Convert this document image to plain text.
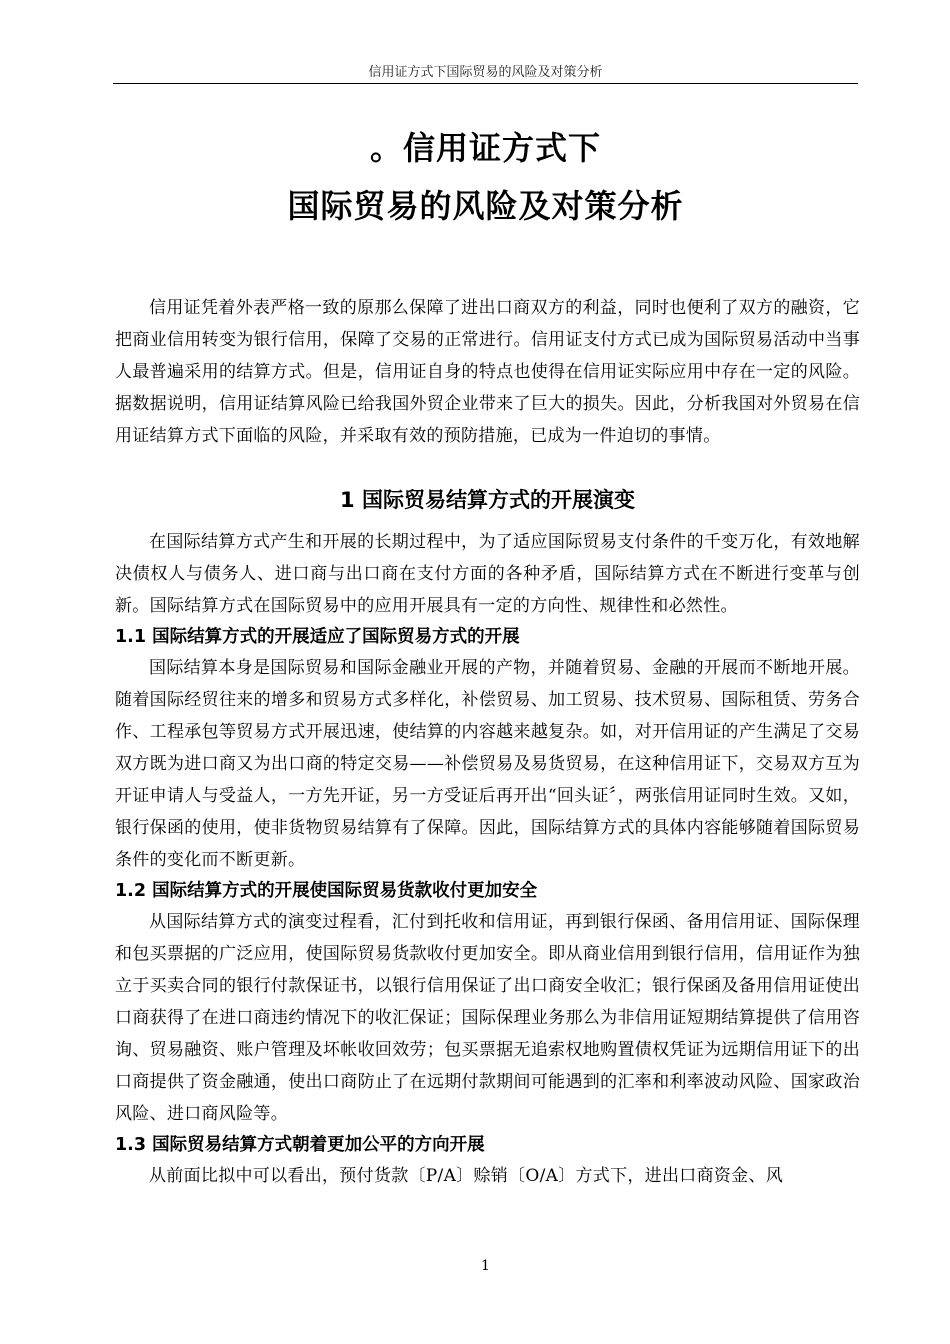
信用证方式下国际贸易的风险及对策分析
。信用证方式下
国际贸易的风险及对策分析

信用证凭着外表严格一致的原那么保障了进出口商双方的利益，同时也便利了双方的融资，它把商业信用转变为银行信用，保障了交易的正常进行。信用证支付方式已成为国际贸易活动中当事人最普遍采用的结算方式。但是，信用证自身的特点也使得在信用证实际应用中存在一定的风险。据数据说明，信用证结算风险已给我国外贸企业带来了巨大的损失。因此，分析我国对外贸易在信用证结算方式下面临的风险，并采取有效的预防措施，已成为一件迫切的事情。

1 国际贸易结算方式的开展演变

在国际结算方式产生和开展的长期过程中，为了适应国际贸易支付条件的千变万化，有效地解决债权人与债务人、进口商与出口商在支付方面的各种矛盾，国际结算方式在不断进行变革与创新。国际结算方式在国际贸易中的应用开展具有一定的方向性、规律性和必然性。

1.1 国际结算方式的开展适应了国际贸易方式的开展

国际结算本身是国际贸易和国际金融业开展的产物，并随着贸易、金融的开展而不断地开展。随着国际经贸往来的增多和贸易方式多样化，补偿贸易、加工贸易、技术贸易、国际租赁、劳务合作、工程承包等贸易方式开展迅速，使结算的内容越来越复杂。如，对开信用证的产生满足了交易双方既为进口商又为出口商的特定交易——补偿贸易及易货贸易，在这种信用证下，交易双方互为开证申请人与受益人，一方先开证，另一方受证后再开出“回头证〞，两张信用证同时生效。又如，银行保函的使用，使非货物贸易结算有了保障。因此，国际结算方式的具体内容能够随着国际贸易条件的变化而不断更新。

1.2 国际结算方式的开展使国际贸易货款收付更加安全

从国际结算方式的演变过程看，汇付到托收和信用证，再到银行保函、备用信用证、国际保理和包买票据的广泛应用，使国际贸易货款收付更加安全。即从商业信用到银行信用，信用证作为独立于买卖合同的银行付款保证书，以银行信用保证了出口商安全收汇；银行保函及备用信用证使出口商获得了在进口商违约情况下的收汇保证；国际保理业务那么为非信用证短期结算提供了信用咨询、贸易融资、账户管理及坏帐收回效劳；包买票据无追索权地购置债权凭证为远期信用证下的出口商提供了资金融通，使出口商防止了在远期付款期间可能遇到的汇率和利率波动风险、国家政治风险、进口商风险等。

1.3 国际贸易结算方式朝着更加公平的方向开展

从前面比拟中可以看出，预付货款〔P/A〕赊销〔O/A〕方式下，进出口商资金、风

1
